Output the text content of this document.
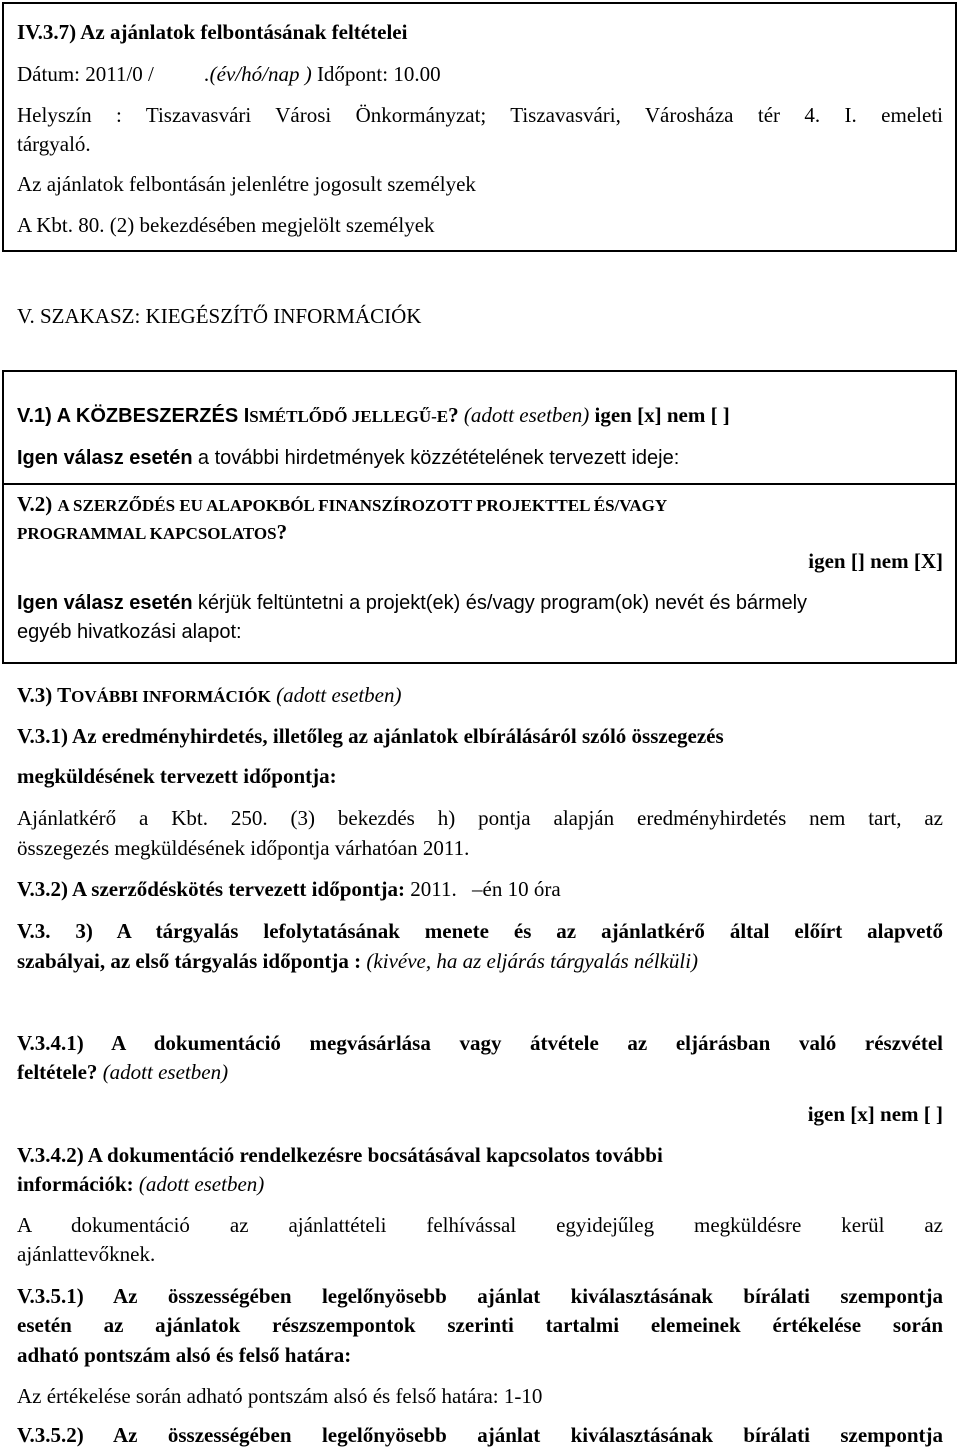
IV.3.7) Az ajánlatok felbontásának feltételei
Dátum: 2011/0 / .(év/hó/nap ) Időpont: 10.00
Helyszín : Tiszavasvári Városi Önkormányzat; Tiszavasvári, Városháza tér 4. I. emeleti
tárgyaló.
Az ajánlatok felbontásán jelenlétre jogosult személyek
A Kbt. 80. (2) bekezdésében megjelölt személyek
V. SZAKASZ: KIEGÉSZÍTŐ INFORMÁCIÓK
V.1) A KÖZBESZERZÉS ISMÉTLŐDŐ JELLEGŰ-E? (adott esetben) igen [x] nem [ ]
Igen válasz esetén a további hirdetmények közzétételének tervezett ideje:
V.2) A SZERZŐDÉS EU ALAPOKBÓL FINANSZÍROZOTT PROJEKTTEL ÉS/VAGY
PROGRAMMAL KAPCSOLATOS?
igen [] nem [X]
Igen válasz esetén kérjük feltüntetni a projekt(ek) és/vagy program(ok) nevét és bármely
egyéb hivatkozási alapot:
V.3) TOVÁBBI INFORMÁCIÓK (adott esetben)
V.3.1) Az eredményhirdetés, illetőleg az ajánlatok elbírálásáról szóló összegezés
megküldésének tervezett időpontja:
Ajánlatkérő a Kbt. 250. (3) bekezdés h) pontja alapján eredményhirdetés nem tart, az
összegezés megküldésének időpontja várhatóan 2011.
V.3.2) A szerződéskötés tervezett időpontja: 2011. –én 10 óra
V.3. 3) A tárgyalás lefolytatásának menete és az ajánlatkérő által előírt alapvető
szabályai, az első tárgyalás időpontja : (kivéve, ha az eljárás tárgyalás nélküli)
V.3.4.1) A dokumentáció megvásárlása vagy átvétele az eljárásban való részvétel
feltétele? (adott esetben)
igen [x] nem [ ]
V.3.4.2) A dokumentáció rendelkezésre bocsátásával kapcsolatos további
információk: (adott esetben)
A dokumentáció az ajánlattételi felhívással egyidejűleg megküldésre kerül az
ajánlattevőknek.
V.3.5.1) Az összességében legelőnyösebb ajánlat kiválasztásának bírálati szempontja
esetén az ajánlatok részszempontok szerinti tartalmi elemeinek értékelése során
adható pontszám alsó és felső határa:
Az értékelése során adható pontszám alsó és felső határa: 1-10
V.3.5.2) Az összességében legelőnyösebb ajánlat kiválasztásának bírálati szempontja
